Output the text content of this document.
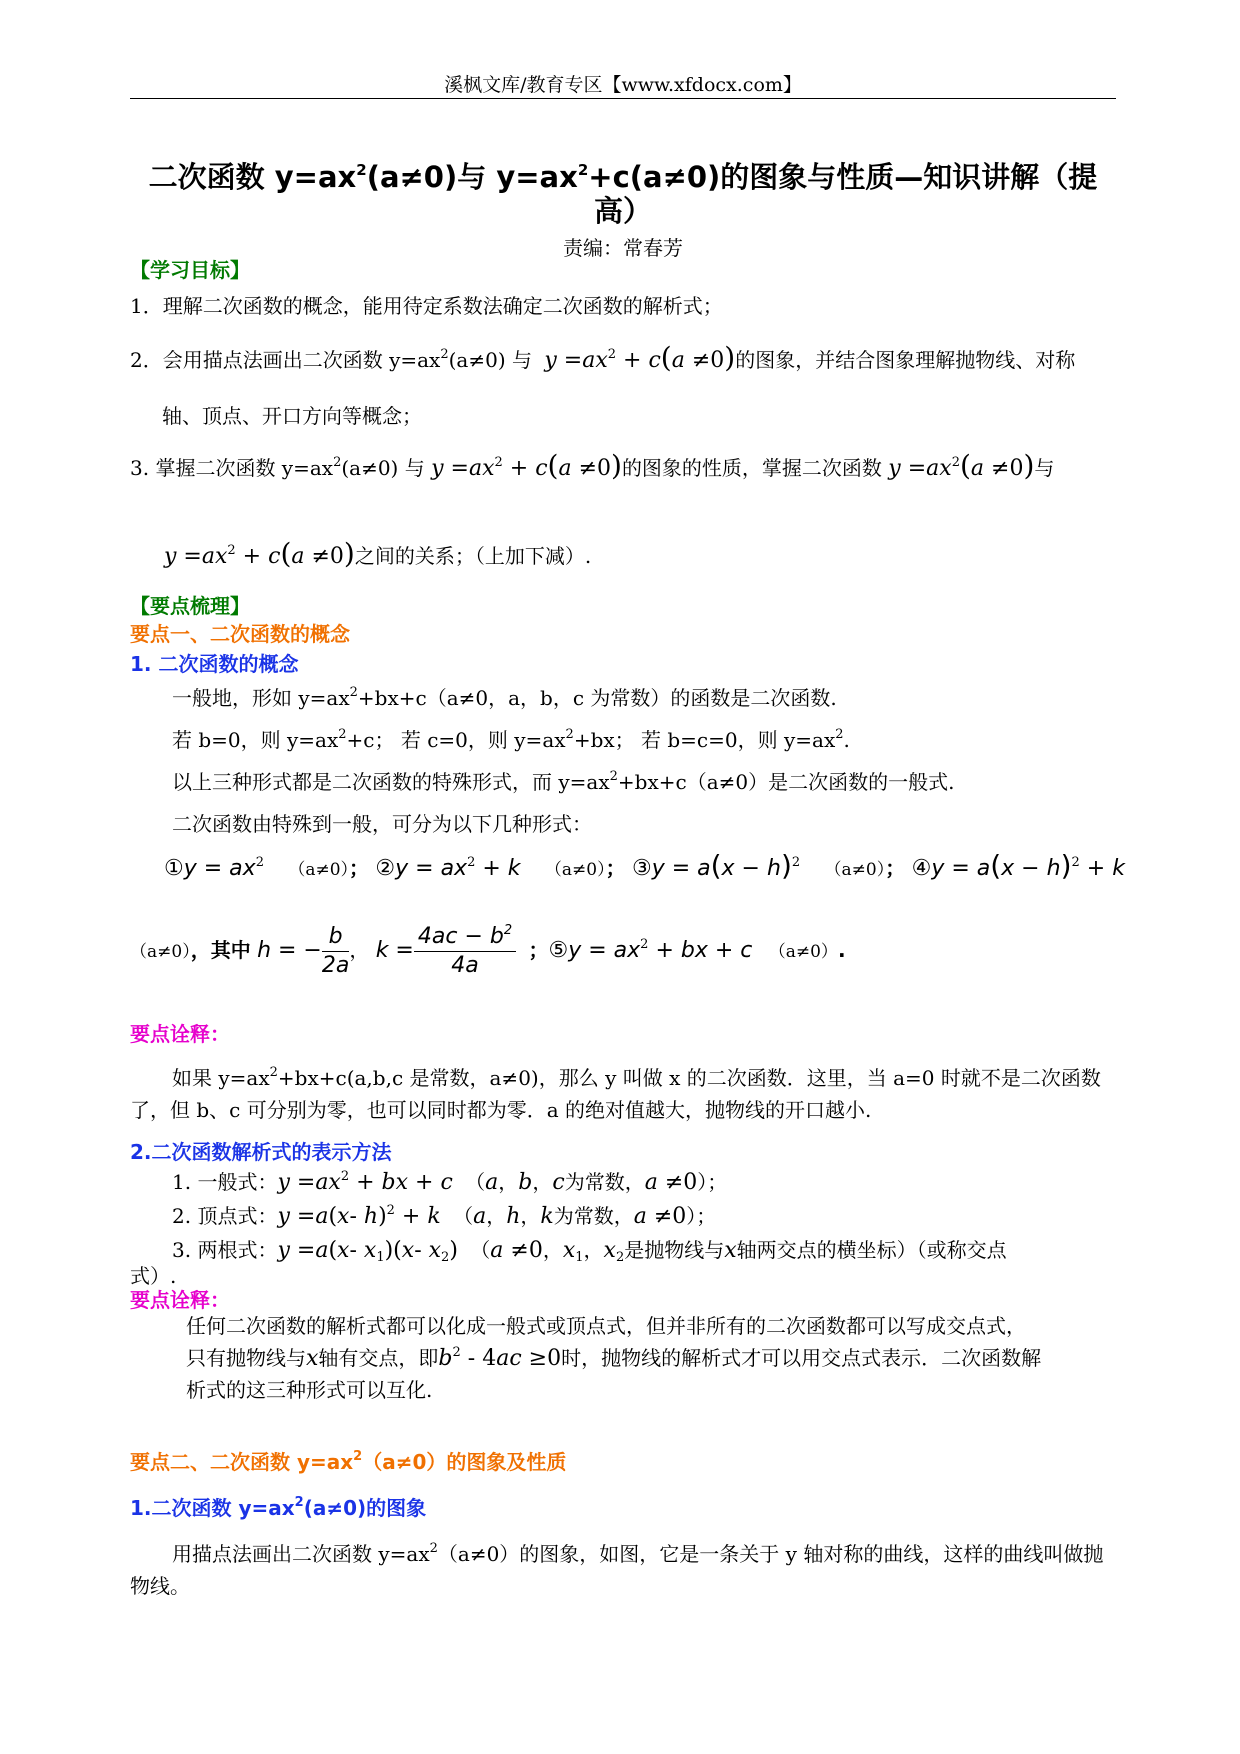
溪枫文库/教育专区【www.xfdocx.com】
二次函数 $y=ax^2(a\ne 0)$与 $y=ax^2+c(a\ne 0)$的图象与性质—知识讲解（提高）
责编：常春芳
【学习目标】
1．理解二次函数的概念，能用待定系数法确定二次函数的解析式；
2．会用描点法画出二次函数 $y=ax^2(a\ne 0)$ 与 $y =ax^2 + c(a \ne 0)$的图象，并结合图象理解抛物线、对称
轴、顶点、开口方向等概念；
3. 掌握二次函数 $y=ax^2(a\ne 0)$ 与 $y =ax^2 + c(a \ne 0)$的图象的性质，掌握二次函数 $y =ax^2(a \ne 0)$与
$y =ax^2 + c(a \ne 0)$之间的关系；（上加下减）.
【要点梳理】
要点一、二次函数的概念
1. 二次函数的概念
一般地，形如 $y=ax^2+bx+c(a\ne 0$，a，b，c 为常数）的函数是二次函数.
若 b=0，则 $y=ax^2+c$； 若 c=0，则 $y=ax^2+bx$； 若 b=c=0，则 $y=ax^2$.
以上三种形式都是二次函数的特殊形式，而 $y=ax^2+bx+c(a\ne 0)$是二次函数的一般式.
二次函数由特殊到一般，可分为以下几种形式：
①y = $ax^2$ （a≠0）； ②y = $ax^2 + k$ （a≠0）； ③y = $a(x - h)^2$ （a≠0）； ④y = $a(x - h)^2 + k$
（a≠0），其中 h = − $\frac{b}{2a}$ ， $k = \frac{4ac - b^2}{4a}$ ；⑤y = $ax^2$ + bx + c （a≠0）.
要点诠释：
如果 $y=ax^2+bx+c(a,b,c$ 是常数，a≠0)，那么 y 叫做 x 的二次函数．这里，当 a=0 时就不是二次函数了，但 b、c 可分别为零，也可以同时都为零．a 的绝对值越大，抛物线的开口越小.
2.二次函数解析式的表示方法
1. 一般式：$y =ax^2$ + bx + c （a，b，c为常数，a ≠0）；
2. 顶点式：y =a(x- h)$^2$ + k （a，h，k为常数，a ≠0）；
3. 两根式：y =a(x- $x_1)(x-$ $x_2$) （a ≠0，$x_1$，$x_2$是抛物线与x轴两交点的横坐标）（或称交点
式）.
要点诠释：
任何二次函数的解析式都可以化成一般式或顶点式，但并非所有的二次函数都可以写成交点式，
只有抛物线与x轴有交点，即$b^2 - 4ac \ge 0$时，抛物线的解析式才可以用交点式表示．二次函数解
析式的这三种形式可以互化.
要点二、二次函数 $y=ax^2(a\ne 0)$的图象及性质
1.二次函数 $y=ax^2(a\ne 0)$的图象
用描点法画出二次函数 $y=ax^2(a\ne 0)$的图象，如图，它是一条关于 y 轴对称的曲线，这样的曲线叫做抛物线。
